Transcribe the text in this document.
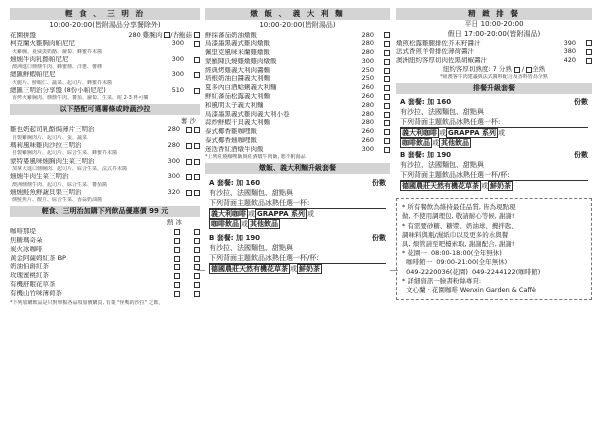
輕 食 、 三 明 治
10:00-20:00(皆附湯品分享餐除外)
花園拼盤	280 雞腕肉 /杏鮑菇
柯克蘭火雞胸肉帕尼尼	300
火雞胸、夏威夷奶酪、蘿蔔、蜂蜜芥末醬
燻燻牛肉乳酪帕尼尼	300
澳洲進口燻燻牛肉、蜂蜜燻、洋蔥、薯條
總匯鮮蝦帕尼尼	300
火腿片、鮮蝦仁、蔬菜、起司片、蜂蜜芥末醬
總匯三明治分享盤 (8份小帕尼尼)	510
香烤火雞胸肉、燻燻牛肉、蕃茄、蘿蔔、生菜、附 2-3 杯可樂
以下搭配可選薯條或時蔬沙拉
薯 沙
雞也奶起司乳酪焗薄片三明治	280
自製雞胸肉片、起司片、蛋、蔬菜
瑪莉風味雞肉沙拉三明治	280
自製雞胸肉片、起司片、綜合生菜、蜂蜜芥末醬
蒙特婁風味燻胸肉生菜三明治	300
加拿大進口燻胸肉、起司片、綜合生菜、法式芥末醬
燻燻牛肉生菜三明治	300
澳洲燻燻牛肉、起司片、綜合生菜、蕃茄醬
燻燻鮭魚鮮蔬貝果三明治	320
燻鮭魚片、酸豆、綜合生菜、香蒜奶油醬
輕食、三明治加購下列飲品優惠價 99 元
熱 冰
咖啡那堤
焦糖瑪奇朵
炭火冰咖啡
黃金阿薩姆紅茶 BP
奶油伯爵紅茶
玫瑰蜜桃紅茶
有機舒眠花草茶
有機山竹味薄荷茶
*下列加購飲品是只對單點各品項加價購買, 有業 "怪嗎的沙拉" 之飲。
燉 飯 、 義 大 利 麵
10:00-20:00(皆附湯品)
鮮採蕃茄奶油燉飯	280
烏漆墨黑義式雞肉燉飯	280
佩里克風味米蘭雞燉飯	280
蒙羅陳氏燒雞燉雞肉燉飯	300
經典烤雞義大利肉醬麵	250
培根奶油白醬義大利麵	250
夏多內白酒蛤蜊義大利麵	260
鮮紅蕃茄松露義大利麵	260
和風明太子義大利麵	280
烏漆墨黑義式雞肉義大利小卷	280
蒜炒鮮蝦干貝義大利麵	280
泰式椰香雞咖哩飯	260
泰式椰香燻咖哩飯	260
迷迭香紅酒燉牛肉飯	300
*上列紅燒咖哩飯與紅酒燉牛肉飯, 恕不附湯品
燉飯、義大利麵升級套餐
A 套餐: 加 160	份數
有沙拉、法國麵包、甜點與
下列背面主題飲品冰熱任選一杯:
義大利咖啡 或 GRAPPA 系列 或
咖啡飲品 或 其他飲品
B 套餐: 加 190	份數
有沙拉、法國麵包、甜點與
下列背面主題飲品冰熱任選一杯/杯:
德國農莊天然有機花草茶 或 鮮奶茶
精 緻 排 餐
平日 10:00-20:00
假日 17:00-20:00(皆附湯品)
燉煎松露雞腿排佐芥末籽醬汁	390
法式香煎羊骨排佐薄荷醬汁	380
澳洲紐約客厚切肉佐黑胡椒醬汁	420
紐約客厚切熟度: 7 分熟 / 全熟
*紐澳客牛肉建議與法式醬料配合及香料皆為全熟
排餐升級套餐
A 套餐: 加 160	份數
有沙拉、法國麵包、甜點與
下列背面主題飲品冰熱任選一杯:
義大利咖啡 或 GRAPPA 系列 或
咖啡飲品 或 其他飲品
B 套餐: 加 190	份數
有沙拉、法國麵包、甜點與
下列背面主題飲品冰熱任選一杯/杯:
德國農莊天然有機花草茶 或 鮮奶茶
* 所有餐飲為維持最佳品質, 皆為現點現
做, 不使用調理包, 敬請耐心等候, 謝謝!
* 有需要砂糖、糖漿、奶油球、攪拌匙、
調味料與瓶/濕紙巾以及更多的水與餐
具, 煩管請至吧檯索取, 謝謝配合, 謝謝!
* 花園一  08:00-18:00(全年無休)
咖啡館一  09:00-21:00(全年無休)
049-2220036(花園)  049-2244122(咖啡館)
* 詳細資訊一臉書粉絲專頁:
文心蘭 · 花園咖啡 Wenxin Garden & Caffè
